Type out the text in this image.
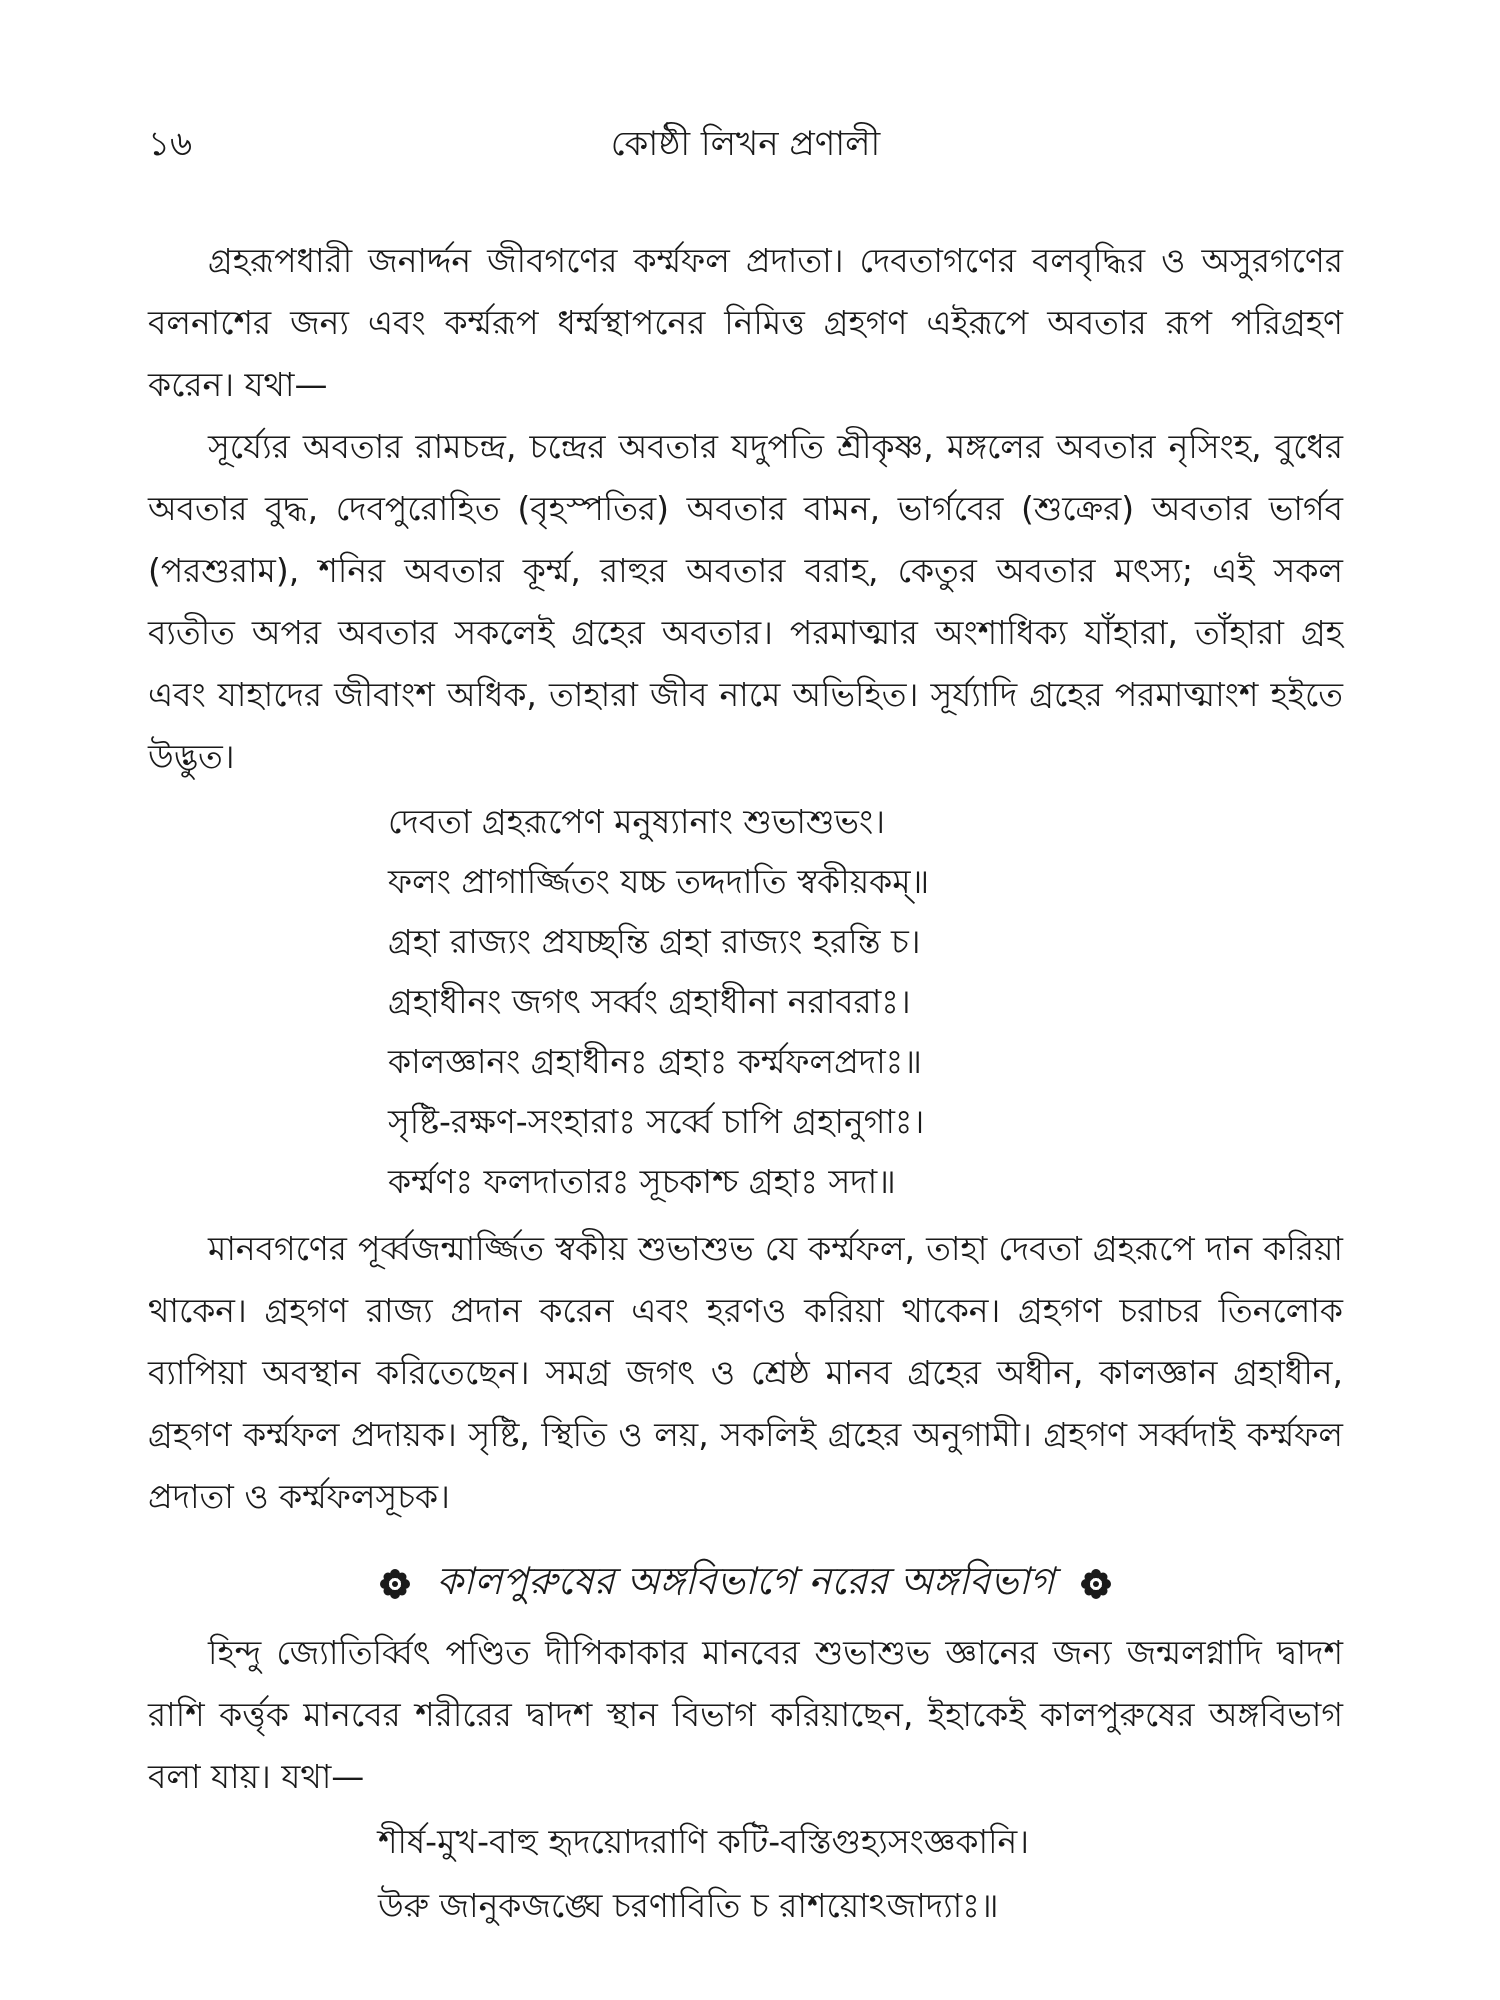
১৬	কোষ্ঠী লিখন প্রণালী

গ্রহরূপধারী জনার্দ্দন জীবগণের কর্ম্মফল প্রদাতা। দেবতাগণের বলবৃদ্ধির ও অসুরগণের বলনাশের জন্য এবং কর্ম্মরূপ ধর্ম্মস্থাপনের নিমিত্ত গ্রহগণ এইরূপে অবতার রূপ পরিগ্রহণ করেন। যথা—

সূর্য্যের অবতার রামচন্দ্র, চন্দ্রের অবতার যদুপতি শ্রীকৃষ্ণ, মঙ্গলের অবতার নৃসিংহ, বুধের অবতার বুদ্ধ, দেবপুরোহিত (বৃহস্পতির) অবতার বামন, ভার্গবের (শুক্রের) অবতার ভার্গব (পরশুরাম), শনির অবতার কূর্ম্ম, রাহুর অবতার বরাহ, কেতুর অবতার মৎস্য; এই সকল ব্যতীত অপর অবতার সকলেই গ্রহের অবতার। পরমাত্মার অংশাধিক্য যাঁহারা, তাঁহারা গ্রহ এবং যাহাদের জীবাংশ অধিক, তাহারা জীব নামে অভিহিত। সূর্য্যাদি গ্রহের পরমাত্মাংশ হইতে উদ্ভুত।

দেবতা গ্রহরূপেণ মনুষ্যানাং শুভাশুভং।
ফলং প্রাগার্জ্জিতং যচ্চ তদ্দদাতি স্বকীয়কম্॥
গ্রহা রাজ্যং প্রযচ্ছন্তি গ্রহা রাজ্যং হরন্তি চ।
গ্রহাধীনং জগৎ সর্ব্বং গ্রহাধীনা নরাবরাঃ।
কালজ্ঞানং গ্রহাধীনঃ গ্রহাঃ কর্ম্মফলপ্রদাঃ॥
সৃষ্টি-রক্ষণ-সংহারাঃ সর্ব্বে চাপি গ্রহানুগাঃ।
কর্ম্মণঃ ফলদাতারঃ সূচকাশ্চ গ্রহাঃ সদা॥

মানবগণের পূর্ব্বজন্মার্জ্জিত স্বকীয় শুভাশুভ যে কর্ম্মফল, তাহা দেবতা গ্রহরূপে দান করিয়া থাকেন। গ্রহগণ রাজ্য প্রদান করেন এবং হরণও করিয়া থাকেন। গ্রহগণ চরাচর তিনলোক ব্যাপিয়া অবস্থান করিতেছেন। সমগ্র জগৎ ও শ্রেষ্ঠ মানব গ্রহের অধীন, কালজ্ঞান গ্রহাধীন, গ্রহগণ কর্ম্মফল প্রদায়ক। সৃষ্টি, স্থিতি ও লয়, সকলিই গ্রহের অনুগামী। গ্রহগণ সর্ব্বদাই কর্ম্মফল প্রদাতা ও কর্ম্মফলসূচক।

কালপুরুষের অঙ্গবিভাগে নরের অঙ্গবিভাগ

হিন্দু জ্যোতির্ব্বিৎ পণ্ডিত দীপিকাকার মানবের শুভাশুভ জ্ঞানের জন্য জন্মলগ্নাদি দ্বাদশ রাশি কর্ত্তৃক মানবের শরীরের দ্বাদশ স্থান বিভাগ করিয়াছেন, ইহাকেই কালপুরুষের অঙ্গবিভাগ বলা যায়। যথা—

শীর্ষ-মুখ-বাহু হৃদয়োদরাণি কটি-বস্তিগুহ্যসংজ্ঞকানি।
উরু জানুকজঙ্ঘে চরণাবিতি চ রাশয়োঽজাদ্যাঃ॥
